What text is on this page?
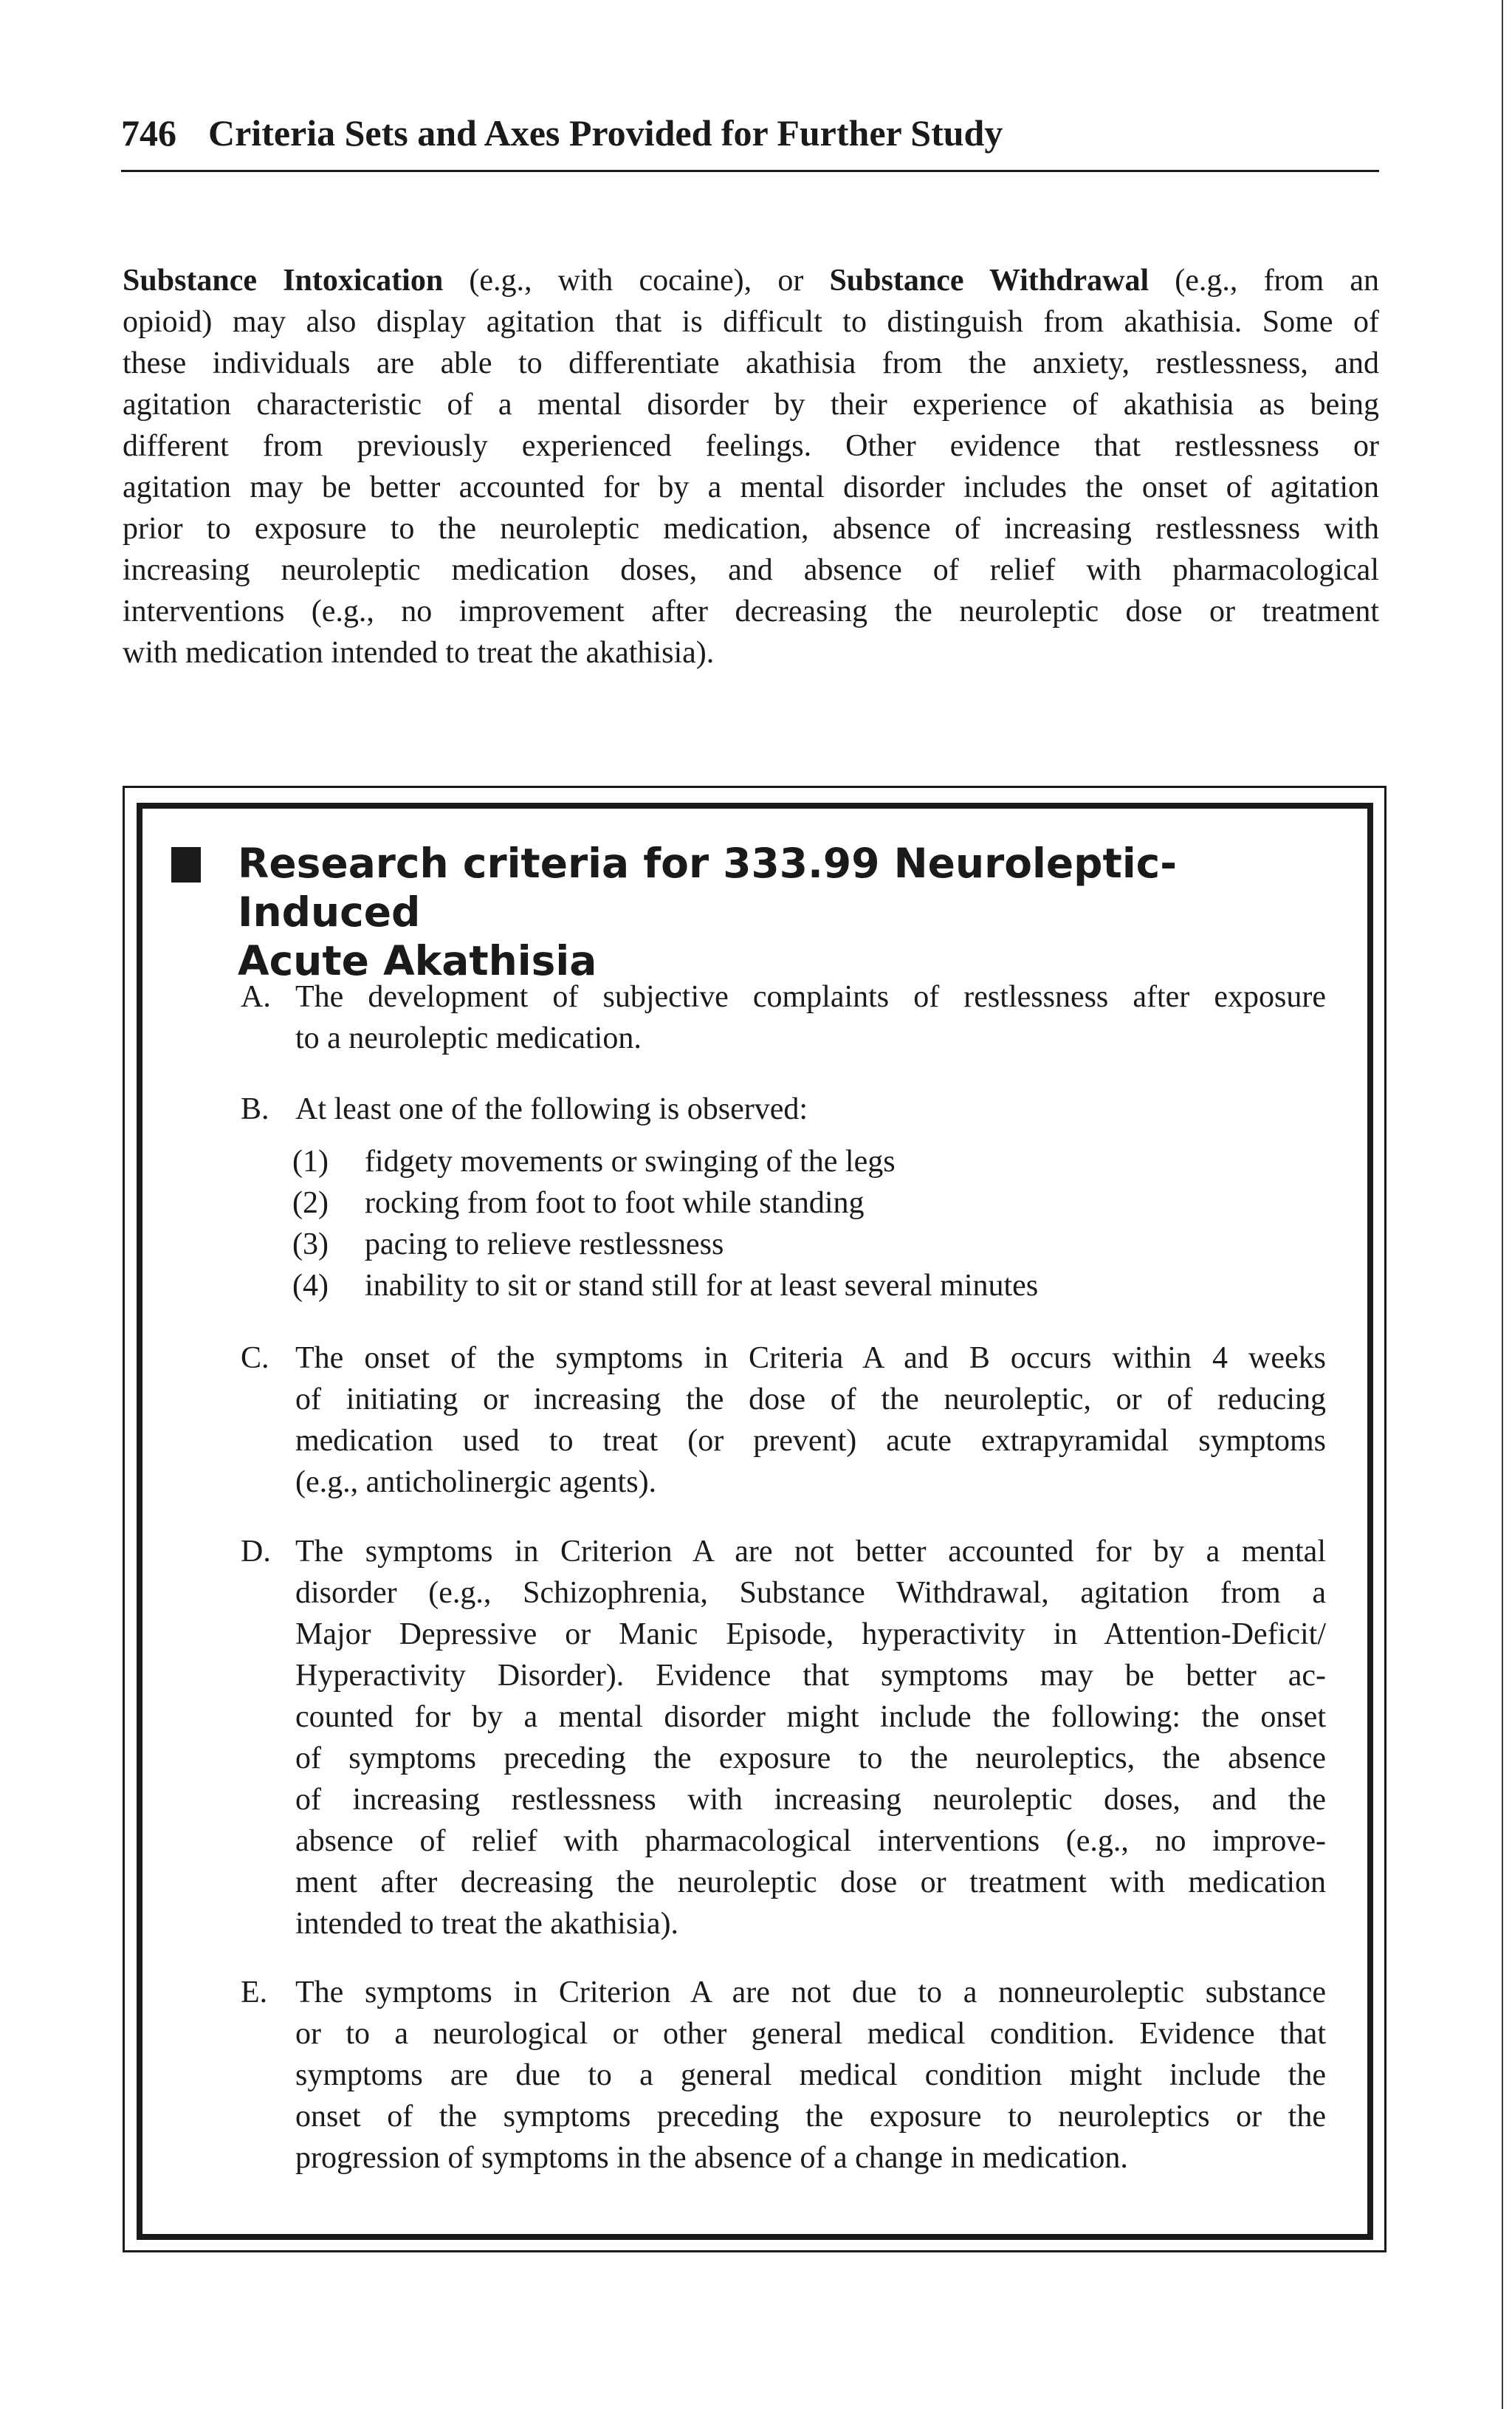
746 Criteria Sets and Axes Provided for Further Study
Substance Intoxication (e.g., with cocaine), or Substance Withdrawal (e.g., from an
opioid) may also display agitation that is difficult to distinguish from akathisia. Some of
these individuals are able to differentiate akathisia from the anxiety, restlessness, and
agitation characteristic of a mental disorder by their experience of akathisia as being
different from previously experienced feelings. Other evidence that restlessness or
agitation may be better accounted for by a mental disorder includes the onset of agitation
prior to exposure to the neuroleptic medication, absence of increasing restlessness with
increasing neuroleptic medication doses, and absence of relief with pharmacological
interventions (e.g., no improvement after decreasing the neuroleptic dose or treatment
with medication intended to treat the akathisia).
Research criteria for 333.99 Neuroleptic-Induced
Acute Akathisia
A. The development of subjective complaints of restlessness after exposure
to a neuroleptic medication.
B. At least one of the following is observed:
(1) fidgety movements or swinging of the legs
(2) rocking from foot to foot while standing
(3) pacing to relieve restlessness
(4) inability to sit or stand still for at least several minutes
C. The onset of the symptoms in Criteria A and B occurs within 4 weeks
of initiating or increasing the dose of the neuroleptic, or of reducing
medication used to treat (or prevent) acute extrapyramidal symptoms
(e.g., anticholinergic agents).
D. The symptoms in Criterion A are not better accounted for by a mental
disorder (e.g., Schizophrenia, Substance Withdrawal, agitation from a
Major Depressive or Manic Episode, hyperactivity in Attention-Deficit/
Hyperactivity Disorder). Evidence that symptoms may be better ac-
counted for by a mental disorder might include the following: the onset
of symptoms preceding the exposure to the neuroleptics, the absence
of increasing restlessness with increasing neuroleptic doses, and the
absence of relief with pharmacological interventions (e.g., no improve-
ment after decreasing the neuroleptic dose or treatment with medication
intended to treat the akathisia).
E. The symptoms in Criterion A are not due to a nonneuroleptic substance
or to a neurological or other general medical condition. Evidence that
symptoms are due to a general medical condition might include the
onset of the symptoms preceding the exposure to neuroleptics or the
progression of symptoms in the absence of a change in medication.
